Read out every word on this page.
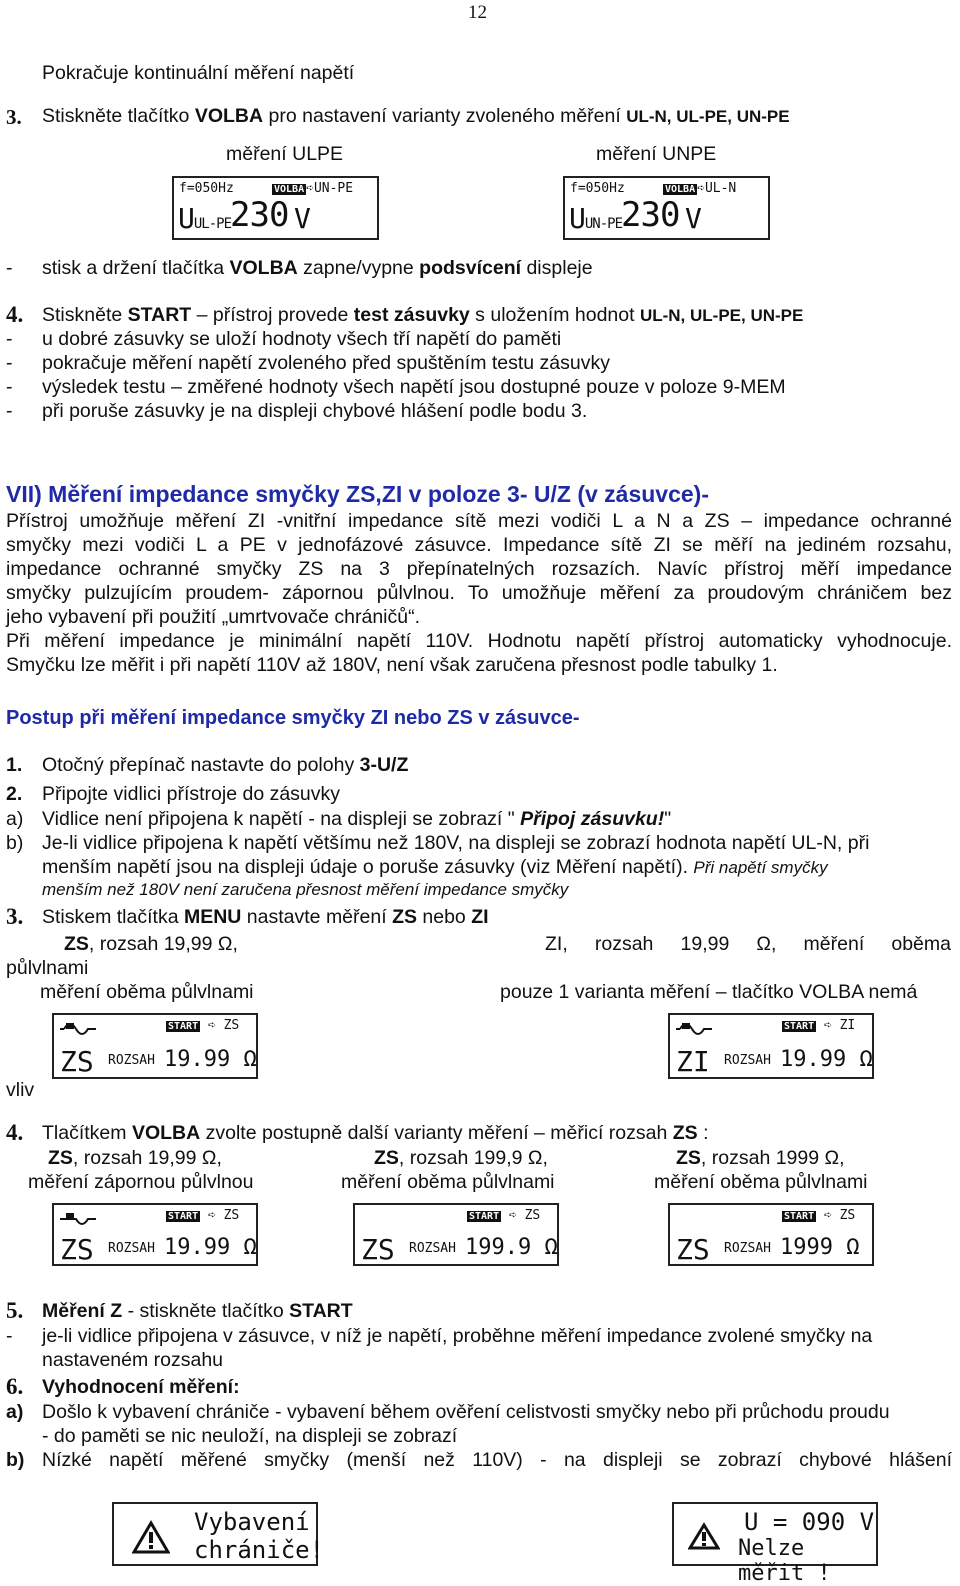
12
Pokračuje kontinuální měření napětí
3. Stiskněte tlačítko VOLBA pro nastavení varianty zvoleného měření UL-N, UL-PE, UN-PE
měření ULPE	měření UNPE
f=050Hz	VOLBA ➪UN-PE
UUL-PE
230 V
f=050Hz	VOLBA ➪UL-N
UUN-PE
230 V
- stisk a držení tlačítka VOLBA zapne/vypne podsvícení displeje
4. Stiskněte START – přístroj provede test zásuvky s uložením hodnot UL-N, UL-PE, UN-PE
- u dobré zásuvky se uloží hodnoty všech tří napětí do paměti
- pokračuje měření napětí zvoleného před spuštěním testu zásuvky
- výsledek testu – změřené hodnoty všech napětí jsou dostupné pouze v poloze 9-MEM
- při poruše zásuvky je na displeji chybové hlášení podle bodu 3.
VII) Měření impedance smyčky ZS,ZI v poloze 3- U/Z (v zásuvce)-
Přístroj umožňuje měření ZI -vnitřní impedance sítě mezi vodiči L a N a ZS – impedance ochranné
smyčky mezi vodiči L a PE v jednofázové zásuvce. Impedance sítě ZI se měří na jediném rozsahu,
impedance ochranné smyčky ZS na 3 přepínatelných rozsazích. Navíc přístroj měří impedance
smyčky pulzujícím proudem- zápornou půlvlnou. To umožňuje měření za proudovým chráničem bez
jeho vybavení při použití „umrtvovače chráničů“.
Při měření impedance je minimální napětí 110V. Hodnotu napětí přístroj automaticky vyhodnocuje.
Smyčku lze měřit i při napětí 110V až 180V, není však zaručena přesnost podle tabulky 1.
Postup při měření impedance smyčky ZI nebo ZS v zásuvce-
1. Otočný přepínač nastavte do polohy 3-U/Z
2. Připojte vidlici přístroje do zásuvky
a) Vidlice není připojena k napětí - na displeji se zobrazí " Připoj zásuvku!"
b) Je-li vidlice připojena k napětí většímu než 180V, na displeji se zobrazí hodnota napětí UL-N, při
menším napětí jsou na displeji údaje o poruše zásuvky (viz Měření napětí). Při napětí smyčky
menším než 180V není zaručena přesnost měření impedance smyčky
3. Stiskem tlačítka MENU nastavte měření ZS nebo ZI
ZS, rozsah 19,99 Ω,	ZI, rozsah 19,99 Ω, měření oběma
půlvlnami
měření oběma půlvlnami	pouze 1 varianta měření – tlačítko VOLBA nemá
vliv
START ➪ ZS
ZS ROZSAH 19.99 Ω
START ➪ ZI
ZI ROZSAH 19.99 Ω
4. Tlačítkem VOLBA zvolte postupně další varianty měření – měřicí rozsah ZS :
ZS, rozsah 19,99 Ω,	ZS, rozsah 199,9 Ω,	ZS, rozsah 1999 Ω,
měření zápornou půlvlnou	měření oběma půlvlnami	měření oběma půlvlnami
START ➪ ZS
ZS ROZSAH 19.99 Ω
START ➪ ZS
ZS ROZSAH 199.9 Ω
START ➪ ZS
ZS ROZSAH 1999 Ω
5. Měření Z - stiskněte tlačítko START
- je-li vidlice připojena v zásuvce, v níž je napětí, proběhne měření impedance zvolené smyčky na
nastaveném rozsahu
6. Vyhodnocení měření:
a) Došlo k vybavení chrániče - vybavení během ověření celistvosti smyčky nebo při průchodu proudu
- do paměti se nic neuloží, na displeji se zobrazí
b) Nízké napětí měřené smyčky (menší než 110V) - na displeji se zobrazí chybové hlášení
Vybavení
chrániče!
U = 090 V
Nelze měřit !
